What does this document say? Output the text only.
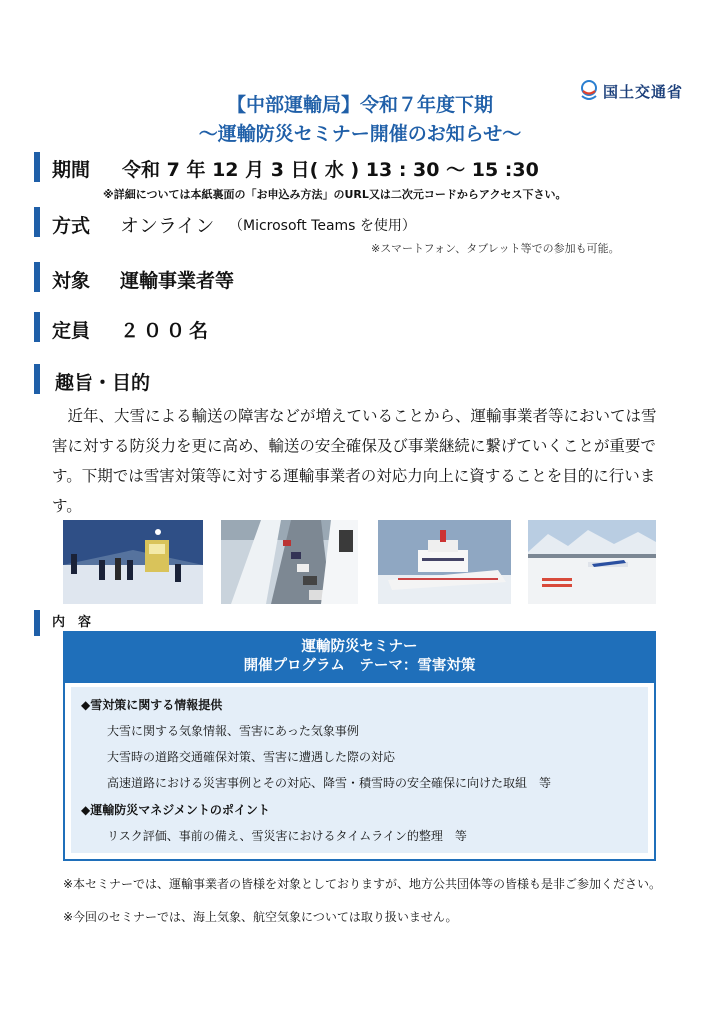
国土交通省
【中部運輸局】令和７年度下期
～運輸防災セミナー開催のお知らせ～
期間 令和 7 年 12 月 3 日( 水 ) 13 : 30 〜 15 :30
※詳細については本紙裏面の「お申込み方法」のURL又は二次元コードからアクセス下さい。
方式 オンライン （Microsoft Teams を使用）
※スマートフォン、タブレット等での参加も可能。
対象 運輸事業者等
定員 ２００名
趣旨・目的
　近年、大雪による輸送の障害などが増えていることから、運輸事業者等においては雪害に対する防災力を更に高め、輸送の安全確保及び事業継続に繋げていくことが重要です。下期では雪害対策等に対する運輸事業者の対応力向上に資することを目的に行います。
内　容
運輸防災セミナー
開催プログラム　テーマ：雪害対策
◆雪対策に関する情報提供
大雪に関する気象情報、雪害にあった気象事例
大雪時の道路交通確保対策、雪害に遭遇した際の対応
高速道路における災害事例とその対応、降雪・積雪時の安全確保に向けた取組　等
◆運輸防災マネジメントのポイント
リスク評価、事前の備え、雪災害におけるタイムライン的整理　等
※本セミナーでは、運輸事業者の皆様を対象としておりますが、地方公共団体等の皆様も是非ご参加ください。
※今回のセミナーでは、海上気象、航空気象については取り扱いません。
